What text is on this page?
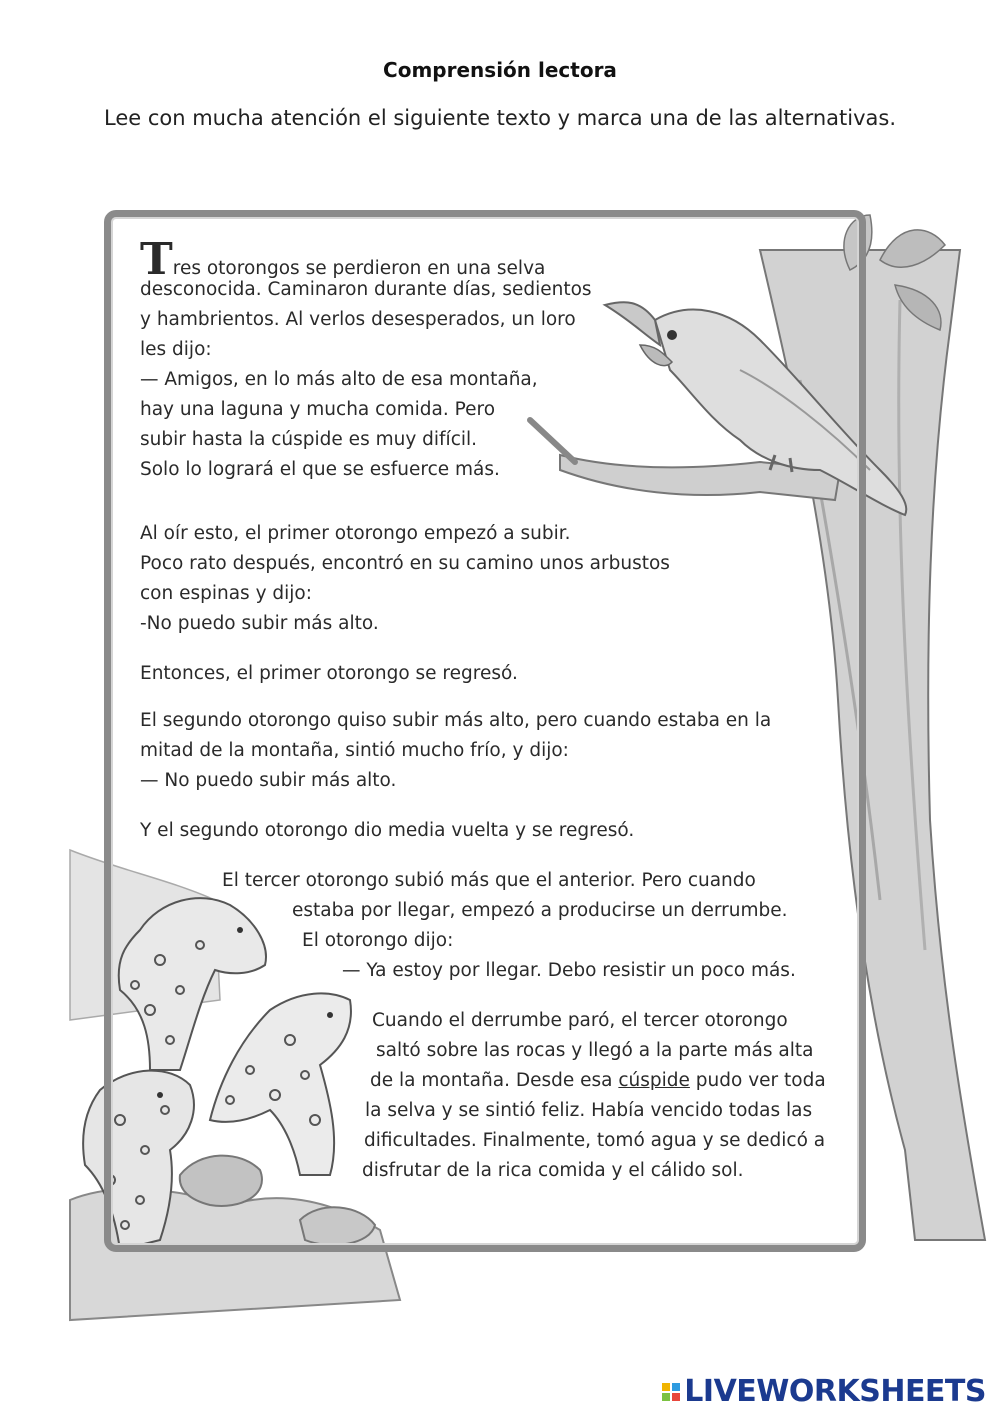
Comprensión lectora
Lee con mucha atención el siguiente texto y marca una de las alternativas.
Tres otorongos se perdieron en una selva
desconocida. Caminaron durante días, sedientos
y hambrientos. Al verlos desesperados, un loro
les dijo:
— Amigos, en lo más alto de esa montaña,
hay una laguna y mucha comida. Pero
subir hasta la cúspide es muy difícil.
Solo lo logrará el que se esfuerce más.
Al oír esto, el primer otorongo empezó a subir.
Poco rato después, encontró en su camino unos arbustos
con espinas y dijo:
-No puedo subir más alto.
Entonces, el primer otorongo se regresó.
El segundo otorongo quiso subir más alto, pero cuando estaba en la
mitad de la montaña, sintió mucho frío, y dijo:
— No puedo subir más alto.
Y el segundo otorongo dio media vuelta y se regresó.
El tercer otorongo subió más que el anterior. Pero cuando
estaba por llegar, empezó a producirse un derrumbe.
El otorongo dijo:
— Ya estoy por llegar. Debo resistir un poco más.
Cuando el derrumbe paró, el tercer otorongo
saltó sobre las rocas y llegó a la parte más alta
de la montaña. Desde esa cúspide pudo ver toda
la selva y se sintió feliz. Había vencido todas las
dificultades. Finalmente, tomó agua y se dedicó a
disfrutar de la rica comida y el cálido sol.
LIVEWORKSHEETS
